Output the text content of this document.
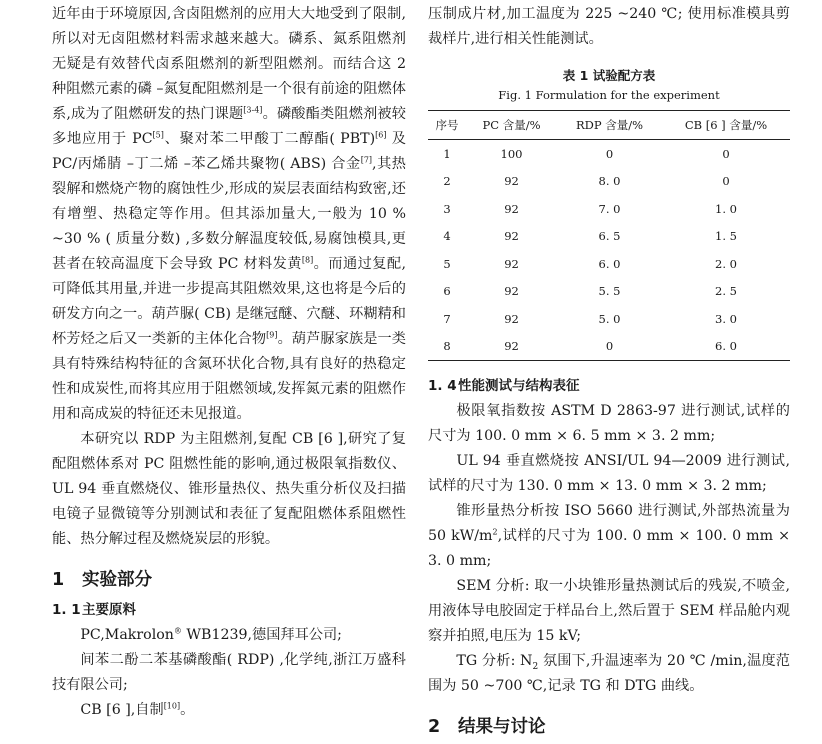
近年由于环境原因,含卤阻燃剂的应用大大地受到了限制,所以对无卤阻燃材料需求越来越大。磷系、氮系阻燃剂无疑是有效替代卤系阻燃剂的新型阻燃剂。而结合这 2 种阻燃元素的磷 –氮复配阻燃剂是一个很有前途的阻燃体系,成为了阻燃研发的热门课题[3-4]。磷酸酯类阻燃剂被较多地应用于 PC[5]、聚对苯二甲酸丁二醇酯( PBT)[6] 及 PC/丙烯腈 –丁二烯 –苯乙烯共聚物( ABS) 合金[7],其热裂解和燃烧产物的腐蚀性少,形成的炭层表面结构致密,还有增塑、热稳定等作用。但其添加量大,一般为 10 % ~30 % ( 质量分数) ,多数分解温度较低,易腐蚀模具,更甚者在较高温度下会导致 PC 材料发黄[8]。而通过复配,可降低其用量,并进一步提高其阻燃效果,这也将是今后的研发方向之一。葫芦脲( CB) 是继冠醚、穴醚、环糊精和杯芳烃之后又一类新的主体化合物[9]。葫芦脲家族是一类具有特殊结构特征的含氮环状化合物,具有良好的热稳定性和成炭性,而将其应用于阻燃领域,发挥氮元素的阻燃作用和高成炭的特征还未见报道。

本研究以 RDP 为主阻燃剂,复配 CB [6 ],研究了复配阻燃体系对 PC 阻燃性能的影响,通过极限氧指数仪、UL 94 垂直燃烧仪、锥形量热仪、热失重分析仪及扫描电镜子显微镜等分别测试和表征了复配阻燃体系阻燃性能、热分解过程及燃烧炭层的形貌。

1 实验部分
1. 1主要原料

PC,Makrolon® WB1239,德国拜耳公司;

间苯二酚二苯基磷酸酯( RDP) ,化学纯,浙江万盛科技有限公司;

CB [6 ],自制[10]。

压制成片材,加工温度为 225 ~240 ℃; 使用标准模具剪裁样片,进行相关性能测试。

表 1 试验配方表
Fig. 1 Formulation for the experiment
序号	PC 含量/%	RDP 含量/%	CB [6 ] 含量/%
1	100	0	0
2	92	8. 0	0
3	92	7. 0	1. 0
4	92	6. 5	1. 5
5	92	6. 0	2. 0
6	92	5. 5	2. 5
7	92	5. 0	3. 0
8	92	0	6. 0
1. 4性能测试与结构表征

极限氧指数按 ASTM D 2863-97 进行测试,试样的尺寸为 100. 0 mm × 6. 5 mm × 3. 2 mm;

UL 94 垂直燃烧按 ANSI/UL 94—2009 进行测试,试样的尺寸为 130. 0 mm × 13. 0 mm × 3. 2 mm;

锥形量热分析按 ISO 5660 进行测试,外部热流量为 50 $kW/m^2$,试样的尺寸为 100. 0 mm × 100. 0 mm × 3. 0 mm;

SEM 分析: 取一小块锥形量热测试后的残炭,不喷金,用液体导电胶固定于样品台上,然后置于 SEM 样品舱内观察并拍照,电压为 15 kV;

TG 分析: $N_2$ 氛围下,升温速率为 20 ℃ /min,温度范围为 50 ~700 ℃,记录 TG 和 DTG 曲线。

2 结果与讨论
